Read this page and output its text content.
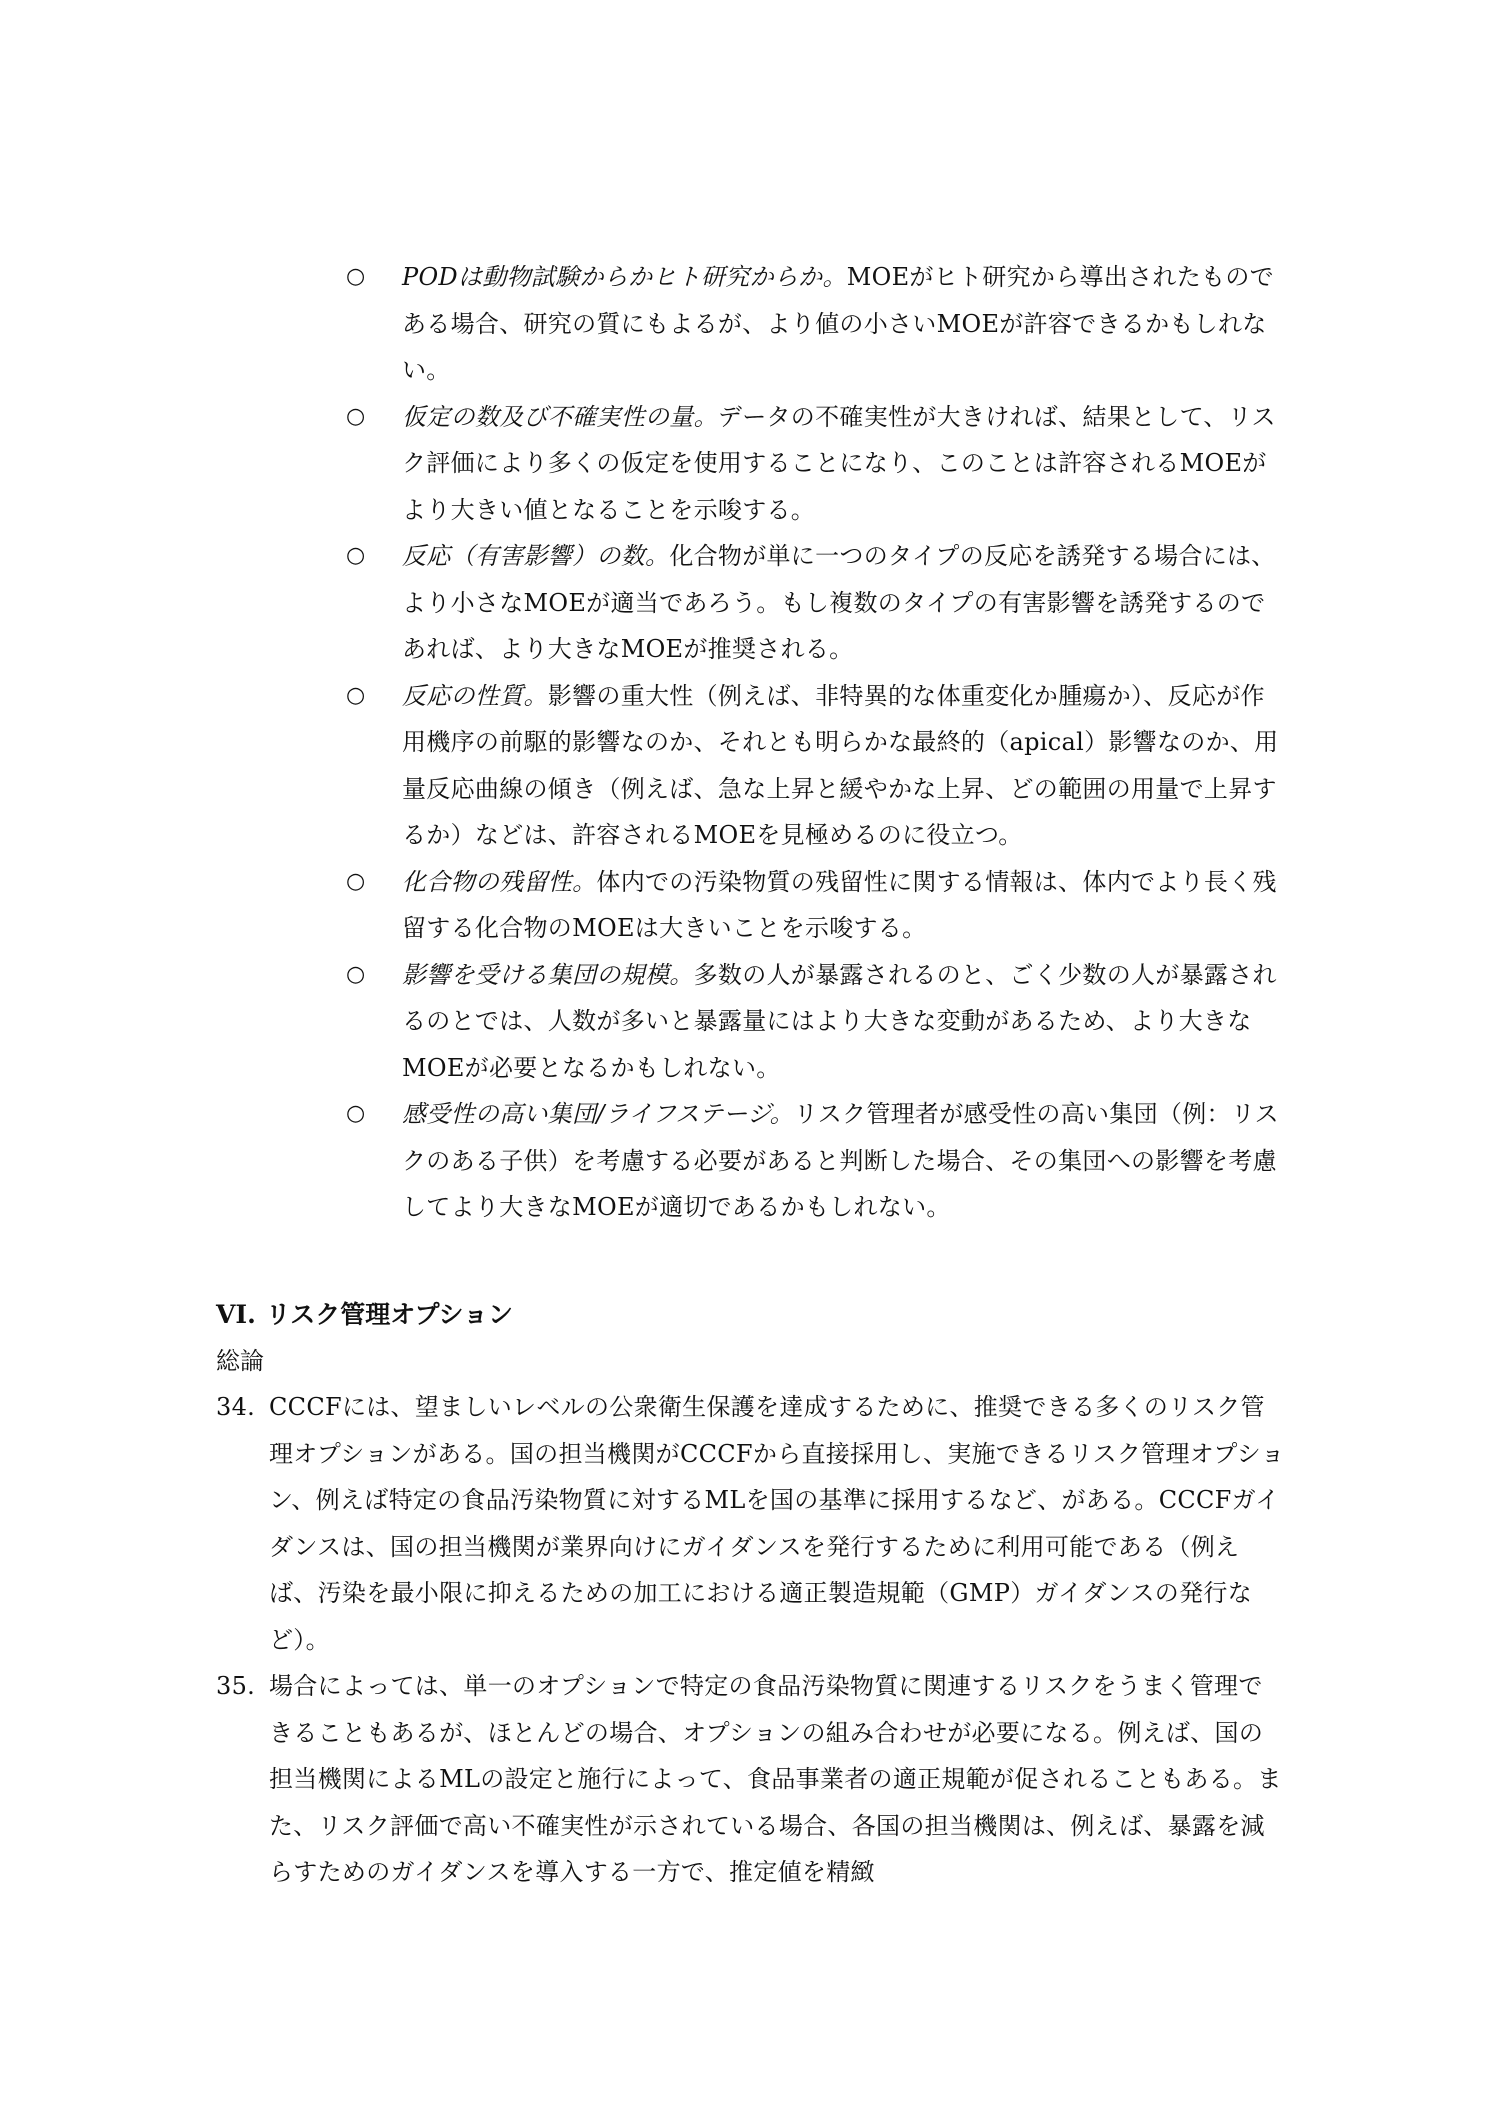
○ PODは動物試験からかヒト研究からか。MOEがヒト研究から導出されたものである場合、研究の質にもよるが、より値の小さいMOEが許容できるかもしれない。
○ 仮定の数及び不確実性の量。データの不確実性が大きければ、結果として、リスク評価により多くの仮定を使用することになり、このことは許容されるMOEがより大きい値となることを示唆する。
○ 反応（有害影響）の数。化合物が単に一つのタイプの反応を誘発する場合には、より小さなMOEが適当であろう。もし複数のタイプの有害影響を誘発するのであれば、より大きなMOEが推奨される。
○ 反応の性質。影響の重大性（例えば、非特異的な体重変化か腫瘍か）、反応が作用機序の前駆的影響なのか、それとも明らかな最終的（apical）影響なのか、用量反応曲線の傾き（例えば、急な上昇と緩やかな上昇、どの範囲の用量で上昇するか）などは、許容されるMOEを見極めるのに役立つ。
○ 化合物の残留性。体内での汚染物質の残留性に関する情報は、体内でより長く残留する化合物のMOEは大きいことを示唆する。
○ 影響を受ける集団の規模。多数の人が暴露されるのと、ごく少数の人が暴露されるのとでは、人数が多いと暴露量にはより大きな変動があるため、より大きなMOEが必要となるかもしれない。
○ 感受性の高い集団/ライフステージ。リスク管理者が感受性の高い集団（例：リスクのある子供）を考慮する必要があると判断した場合、その集団への影響を考慮してより大きなMOEが適切であるかもしれない。
VI. リスク管理オプション
総論
34. CCCFには、望ましいレベルの公衆衛生保護を達成するために、推奨できる多くのリスク管理オプションがある。国の担当機関がCCCFから直接採用し、実施できるリスク管理オプション、例えば特定の食品汚染物質に対するMLを国の基準に採用するなど、がある。CCCFガイダンスは、国の担当機関が業界向けにガイダンスを発行するために利用可能である（例えば、汚染を最小限に抑えるための加工における適正製造規範（GMP）ガイダンスの発行など）。
35. 場合によっては、単一のオプションで特定の食品汚染物質に関連するリスクをうまく管理できることもあるが、ほとんどの場合、オプションの組み合わせが必要になる。例えば、国の担当機関によるMLの設定と施行によって、食品事業者の適正規範が促されることもある。また、リスク評価で高い不確実性が示されている場合、各国の担当機関は、例えば、暴露を減らすためのガイダンスを導入する一方で、推定値を精緻
